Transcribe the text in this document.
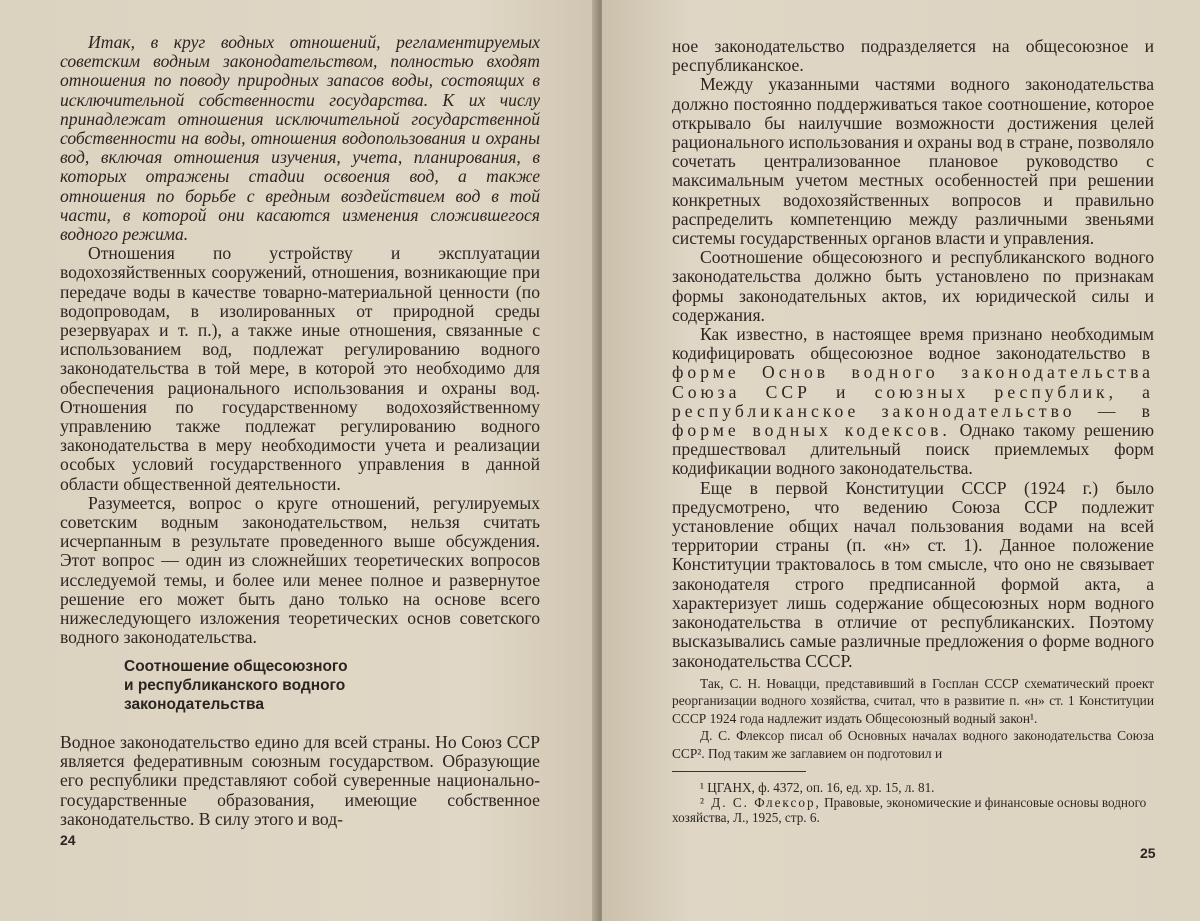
Итак, в круг водных отношений, регламентируемых советским водным законодательством, полностью входят отношения по поводу природных запасов воды, состоящих в исключительной собственности государства. К их числу принадлежат отношения исключительной государственной собственности на воды, отношения водопользования и охраны вод, включая отношения изучения, учета, планирования, в которых отражены стадии освоения вод, а также отношения по борьбе с вредным воздействием вод в той части, в которой они касаются изменения сложившегося водного режима.

Отношения по устройству и эксплуатации водохозяйственных сооружений, отношения, возникающие при передаче воды в качестве товарно-материальной ценности (по водопроводам, в изолированных от природной среды резервуарах и т. п.), а также иные отношения, связанные с использованием вод, подлежат регулированию водного законодательства в той мере, в которой это необходимо для обеспечения рационального использования и охраны вод. Отношения по государственному водохозяйственному управлению также подлежат регулированию водного законодательства в меру необходимости учета и реализации особых условий государственного управления в данной области общественной деятельности.

Разумеется, вопрос о круге отношений, регулируемых советским водным законодательством, нельзя считать исчерпанным в результате проведенного выше обсуждения. Этот вопрос — один из сложнейших теоретических вопросов исследуемой темы, и более или менее полное и развернутое решение его может быть дано только на основе всего нижеследующего изложения теоретических основ советского водного законодательства.

Соотношение общесоюзного
и республиканского водного
законодательства

Водное законодательство едино для всей страны. Но Союз ССР является федеративным союзным государством. Образующие его республики представляют собой суверенные национально-государственные образования, имеющие собственное законодательство. В силу этого и вод-

24

ное законодательство подразделяется на общесоюзное и республиканское.

Между указанными частями водного законодательства должно постоянно поддерживаться такое соотношение, которое открывало бы наилучшие возможности достижения целей рационального использования и охраны вод в стране, позволяло сочетать централизованное плановое руководство с максимальным учетом местных особенностей при решении конкретных водохозяйственных вопросов и правильно распределить компетенцию между различными звеньями системы государственных органов власти и управления.

Соотношение общесоюзного и республиканского водного законодательства должно быть установлено по признакам формы законодательных актов, их юридической силы и содержания.

Как известно, в настоящее время признано необходимым кодифицировать общесоюзное водное законодательство в форме Основ водного законодательства Союза ССР и союзных республик, а республиканское законодательство — в форме водных кодексов. Однако такому решению предшествовал длительный поиск приемлемых форм кодификации водного законодательства.

Еще в первой Конституции СССР (1924 г.) было предусмотрено, что ведению Союза ССР подлежит установление общих начал пользования водами на всей территории страны (п. «н» ст. 1). Данное положение Конституции трактовалось в том смысле, что оно не связывает законодателя строго предписанной формой акта, а характеризует лишь содержание общесоюзных норм водного законодательства в отличие от республиканских. Поэтому высказывались самые различные предложения о форме водного законодательства СССР.

Так, С. Н. Новацци, представивший в Госплан СССР схематический проект реорганизации водного хозяйства, считал, что в развитие п. «н» ст. 1 Конституции СССР 1924 года надлежит издать Общесоюзный водный закон¹.

Д. С. Флексор писал об Основных началах водного законодательства Союза ССР². Под таким же заглавием он подготовил и

¹ ЦГАНХ, ф. 4372, оп. 16, ед. хр. 15, л. 81.

² Д. С. Флексор, Правовые, экономические и финансовые основы водного хозяйства, Л., 1925, стр. 6.

25
